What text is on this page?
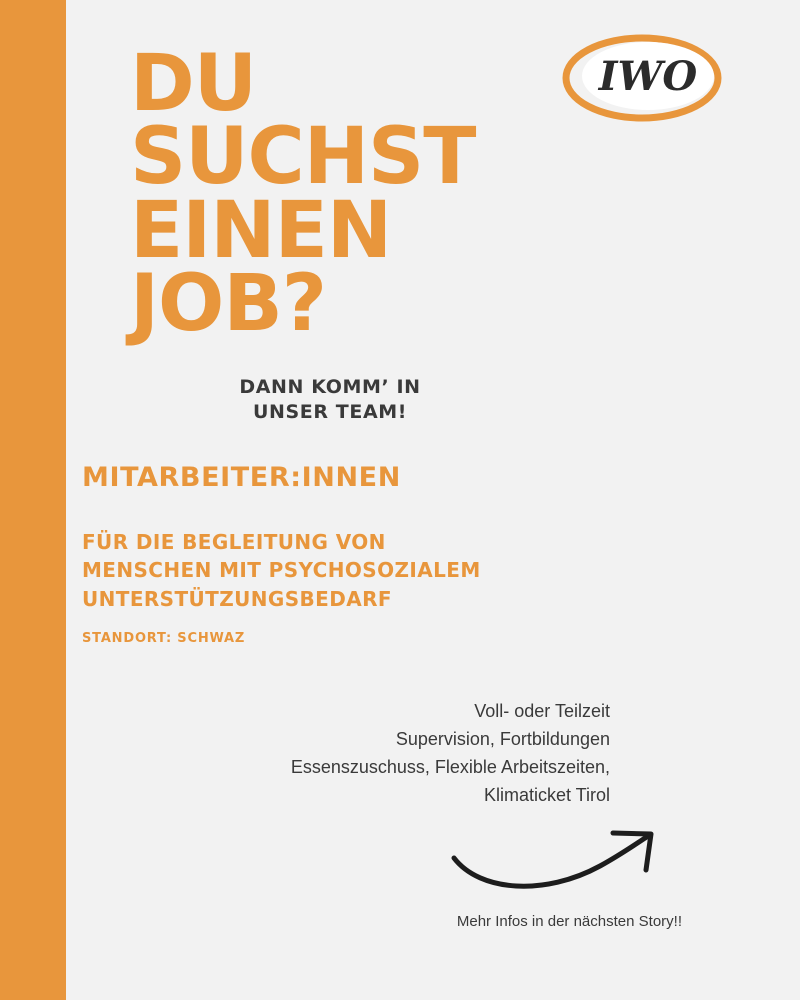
IWO
DU
SUCHST
EINEN
JOB?
DANN KOMM’ IN
UNSER TEAM!
MITARBEITER:INNEN
FÜR DIE BEGLEITUNG VON
MENSCHEN MIT PSYCHOSOZIALEM
UNTERSTÜTZUNGSBEDARF
STANDORT: SCHWAZ
Voll- oder Teilzeit
Supervision, Fortbildungen
Essenszuschuss, Flexible Arbeitszeiten,
Klimaticket Tirol
Mehr Infos in der nächsten Story!!
